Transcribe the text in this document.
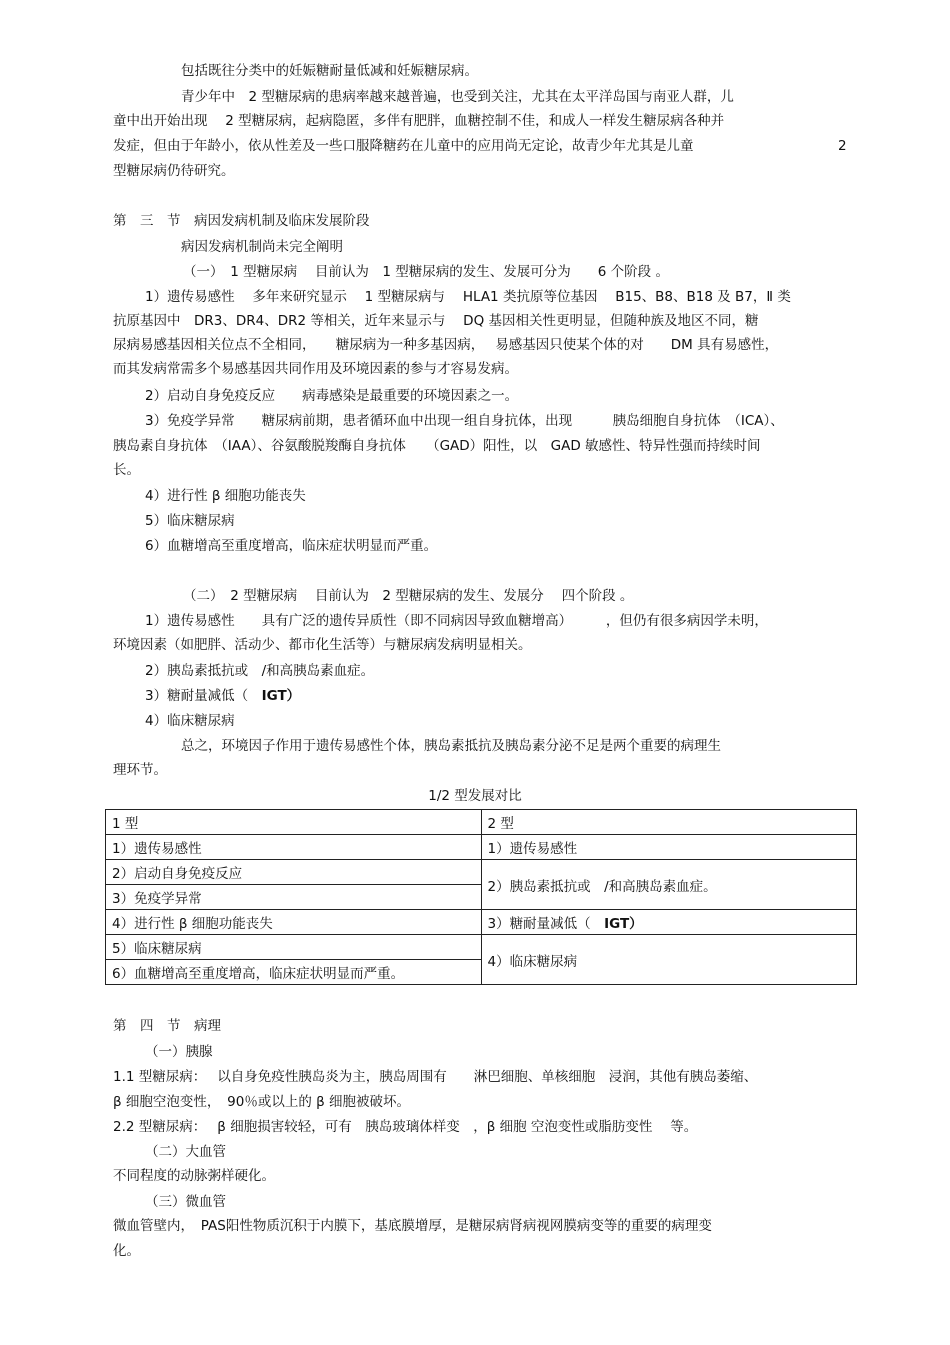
包括既往分类中的妊娠糖耐量低减和妊娠糖尿病。
青少年中　2 型糖尿病的患病率越来越普遍，也受到关注，尤其在太平洋岛国与南亚人群，儿
童中出开始出现　 2 型糖尿病，起病隐匿，多伴有肥胖，血糖控制不佳，和成人一样发生糖尿病各种并
发症，但由于年龄小，依从性差及一些口服降糖药在儿童中的应用尚无定论，故青少年尤其是儿童	2
型糖尿病仍待研究。
第　三　节　病因发病机制及临床发展阶段
病因发病机制尚未完全阐明
（一）　1 型糖尿病　 目前认为　1 型糖尿病的发生、发展可分为　　6 个阶段 。
1）遗传易感性　 多年来研究显示　 1 型糖尿病与　 HLA1 类抗原等位基因　 B15、B8、B18 及 B7，Ⅱ 类
抗原基因中　DR3、DR4、DR2 等相关，近年来显示与　 DQ 基因相关性更明显，但随种族及地区不同，糖
尿病易感基因相关位点不全相同，　　糖尿病为一种多基因病，　 易感基因只使某个体的对　　DM 具有易感性，
而其发病常需多个易感基因共同作用及环境因素的参与才容易发病。
2）启动自身免疫反应　　病毒感染是最重要的环境因素之一。
3）免疫学异常　　糖尿病前期，患者循环血中出现一组自身抗体，出现　　　胰岛细胞自身抗体　（ICA）、
胰岛素自身抗体　（IAA）、谷氨酸脱羧酶自身抗体　　（GAD）阳性，以　GAD 敏感性、特异性强而持续时间
长。
4）进行性 β 细胞功能丧失
5）临床糖尿病
6）血糖增高至重度增高，临床症状明显而严重。
（二）　2 型糖尿病　 目前认为　2 型糖尿病的发生、发展分　 四个阶段 。
1）遗传易感性　　具有广泛的遗传异质性（即不同病因导致血糖增高）　　　，但仍有很多病因学未明，
环境因素（如肥胖、活动少、都市化生活等）与糖尿病发病明显相关。
2）胰岛素抵抗或　/和高胰岛素血症。
3）糖耐量减低（　IGT）
4）临床糖尿病
总之，环境因子作用于遗传易感性个体，胰岛素抵抗及胰岛素分泌不足是两个重要的病理生
理环节。
1/2 型发展对比
1 型	2 型
1）遗传易感性	1）遗传易感性
2）启动自身免疫反应	2）胰岛素抵抗或　/和高胰岛素血症。
3）免疫学异常	
4）进行性 β 细胞功能丧失	3）糖耐量减低（　IGT）
5）临床糖尿病	4）临床糖尿病
6）血糖增高至重度增高，临床症状明显而严重。	
第　四　节　病理
（一）胰腺
1.1 型糖尿病：　 以自身免疫性胰岛炎为主，胰岛周围有　　淋巴细胞、单核细胞　浸润，其他有胰岛萎缩、
β 细胞空泡变性，　90％或以上的 β 细胞被破坏。
2.2 型糖尿病：　 β 细胞损害较轻，可有　胰岛玻璃体样变　，β 细胞 空泡变性或脂肪变性　 等。
（二）大血管
不同程度的动脉粥样硬化。
（三）微血管
微血管壁内，　PAS阳性物质沉积于内膜下，基底膜增厚，是糖尿病肾病视网膜病变等的重要的病理变
化。
